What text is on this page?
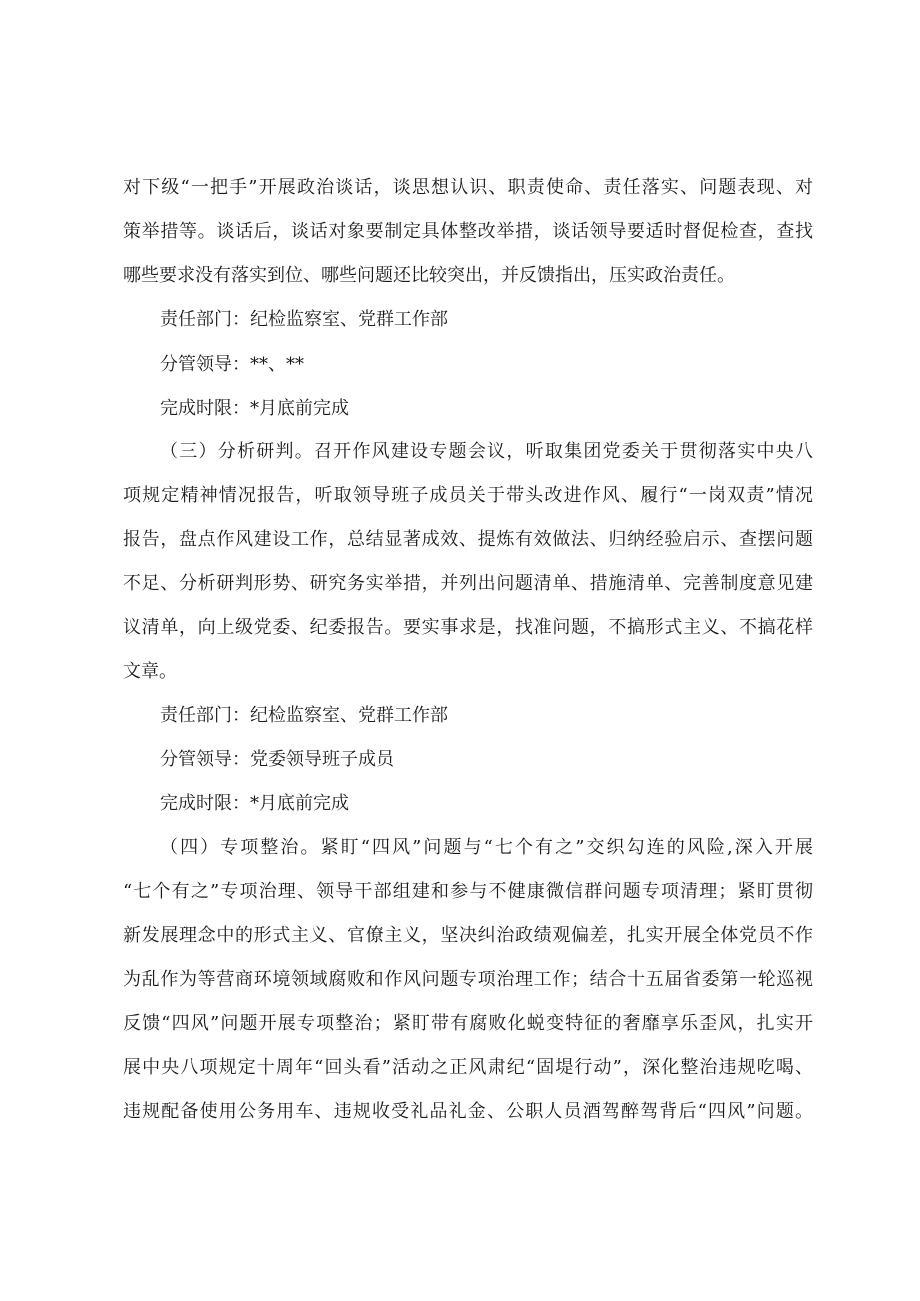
对下级“一把手”开展政治谈话，谈思想认识、职责使命、责任落实、问题表现、对
策举措等。谈话后，谈话对象要制定具体整改举措，谈话领导要适时督促检查，查找
哪些要求没有落实到位、哪些问题还比较突出，并反馈指出，压实政治责任。
责任部门：纪检监察室、党群工作部
分管领导：**、**
完成时限：*月底前完成
（三）分析研判。召开作风建设专题会议，听取集团党委关于贯彻落实中央八
项规定精神情况报告，听取领导班子成员关于带头改进作风、履行“一岗双责”情况
报告，盘点作风建设工作，总结显著成效、提炼有效做法、归纳经验启示、查摆问题
不足、分析研判形势、研究务实举措，并列出问题清单、措施清单、完善制度意见建
议清单，向上级党委、纪委报告。要实事求是，找准问题，不搞形式主义、不搞花样
文章。
责任部门：纪检监察室、党群工作部
分管领导：党委领导班子成员
完成时限：*月底前完成
（四）专项整治。紧盯“四风”问题与“七个有之”交织勾连的风险,深入开展
“七个有之”专项治理、领导干部组建和参与不健康微信群问题专项清理；紧盯贯彻
新发展理念中的形式主义、官僚主义，坚决纠治政绩观偏差，扎实开展全体党员不作
为乱作为等营商环境领域腐败和作风问题专项治理工作；结合十五届省委第一轮巡视
反馈“四风”问题开展专项整治；紧盯带有腐败化蜕变特征的奢靡享乐歪风，扎实开
展中央八项规定十周年“回头看”活动之正风肃纪“固堤行动”，深化整治违规吃喝、
违规配备使用公务用车、违规收受礼品礼金、公职人员酒驾醉驾背后“四风”问题。
